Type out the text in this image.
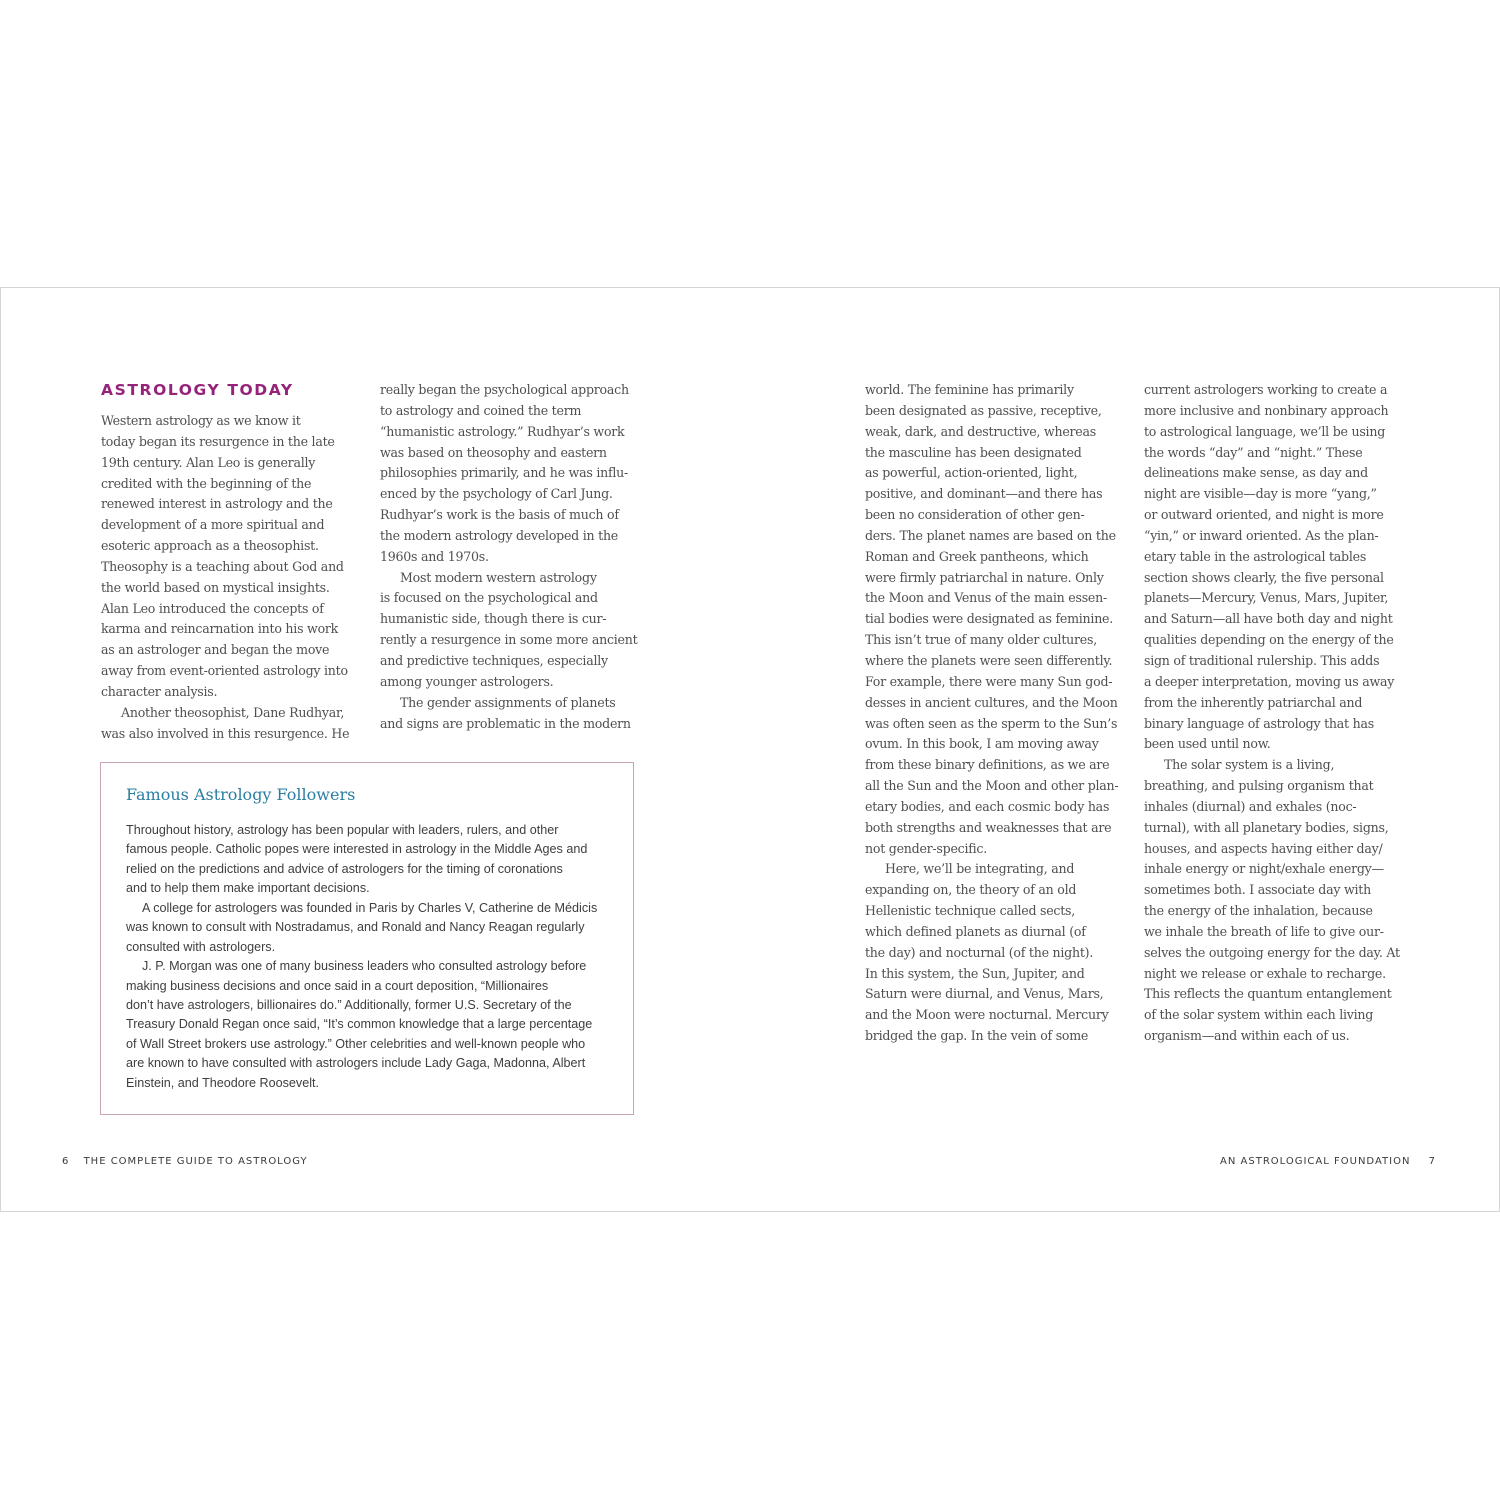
ASTROLOGY TODAY
Western astrology as we know it
today began its resurgence in the late
19th century. Alan Leo is generally
credited with the beginning of the
renewed interest in astrology and the
development of a more spiritual and
esoteric approach as a theosophist.
Theosophy is a teaching about God and
the world based on mystical insights.
Alan Leo introduced the concepts of
karma and reincarnation into his work
as an astrologer and began the move
away from event-oriented astrology into
character analysis.
Another theosophist, Dane Rudhyar,
was also involved in this resurgence. He
really began the psychological approach
to astrology and coined the term
“humanistic astrology.” Rudhyar’s work
was based on theosophy and eastern
philosophies primarily, and he was influ-
enced by the psychology of Carl Jung.
Rudhyar’s work is the basis of much of
the modern astrology developed in the
1960s and 1970s.
Most modern western astrology
is focused on the psychological and
humanistic side, though there is cur-
rently a resurgence in some more ancient
and predictive techniques, especially
among younger astrologers.
The gender assignments of planets
and signs are problematic in the modern
Famous Astrology Followers
Throughout history, astrology has been popular with leaders, rulers, and other
famous people. Catholic popes were interested in astrology in the Middle Ages and
relied on the predictions and advice of astrologers for the timing of coronations
and to help them make important decisions.
A college for astrologers was founded in Paris by Charles V, Catherine de Médicis
was known to consult with Nostradamus, and Ronald and Nancy Reagan regularly
consulted with astrologers.
J. P. Morgan was one of many business leaders who consulted astrology before
making business decisions and once said in a court deposition, “Millionaires
don’t have astrologers, billionaires do.” Additionally, former U.S. Secretary of the
Treasury Donald Regan once said, “It’s common knowledge that a large percentage
of Wall Street brokers use astrology.” Other celebrities and well-known people who
are known to have consulted with astrologers include Lady Gaga, Madonna, Albert
Einstein, and Theodore Roosevelt.
world. The feminine has primarily
been designated as passive, receptive,
weak, dark, and destructive, whereas
the masculine has been designated
as powerful, action-oriented, light,
positive, and dominant—and there has
been no consideration of other gen-
ders. The planet names are based on the
Roman and Greek pantheons, which
were firmly patriarchal in nature. Only
the Moon and Venus of the main essen-
tial bodies were designated as feminine.
This isn’t true of many older cultures,
where the planets were seen differently.
For example, there were many Sun god-
desses in ancient cultures, and the Moon
was often seen as the sperm to the Sun’s
ovum. In this book, I am moving away
from these binary definitions, as we are
all the Sun and the Moon and other plan-
etary bodies, and each cosmic body has
both strengths and weaknesses that are
not gender-specific.
Here, we’ll be integrating, and
expanding on, the theory of an old
Hellenistic technique called sects,
which defined planets as diurnal (of
the day) and nocturnal (of the night).
In this system, the Sun, Jupiter, and
Saturn were diurnal, and Venus, Mars,
and the Moon were nocturnal. Mercury
bridged the gap. In the vein of some
current astrologers working to create a
more inclusive and nonbinary approach
to astrological language, we’ll be using
the words “day” and “night.” These
delineations make sense, as day and
night are visible—day is more “yang,”
or outward oriented, and night is more
“yin,” or inward oriented. As the plan-
etary table in the astrological tables
section shows clearly, the five personal
planets—Mercury, Venus, Mars, Jupiter,
and Saturn—all have both day and night
qualities depending on the energy of the
sign of traditional rulership. This adds
a deeper interpretation, moving us away
from the inherently patriarchal and
binary language of astrology that has
been used until now.
The solar system is a living,
breathing, and pulsing organism that
inhales (diurnal) and exhales (noc-
turnal), with all planetary bodies, signs,
houses, and aspects having either day/
inhale energy or night/exhale energy—
sometimes both. I associate day with
the energy of the inhalation, because
we inhale the breath of life to give our-
selves the outgoing energy for the day. At
night we release or exhale to recharge.
This reflects the quantum entanglement
of the solar system within each living
organism—and within each of us.
6 THE COMPLETE GUIDE TO ASTROLOGY	AN ASTROLOGICAL FOUNDATION 7
